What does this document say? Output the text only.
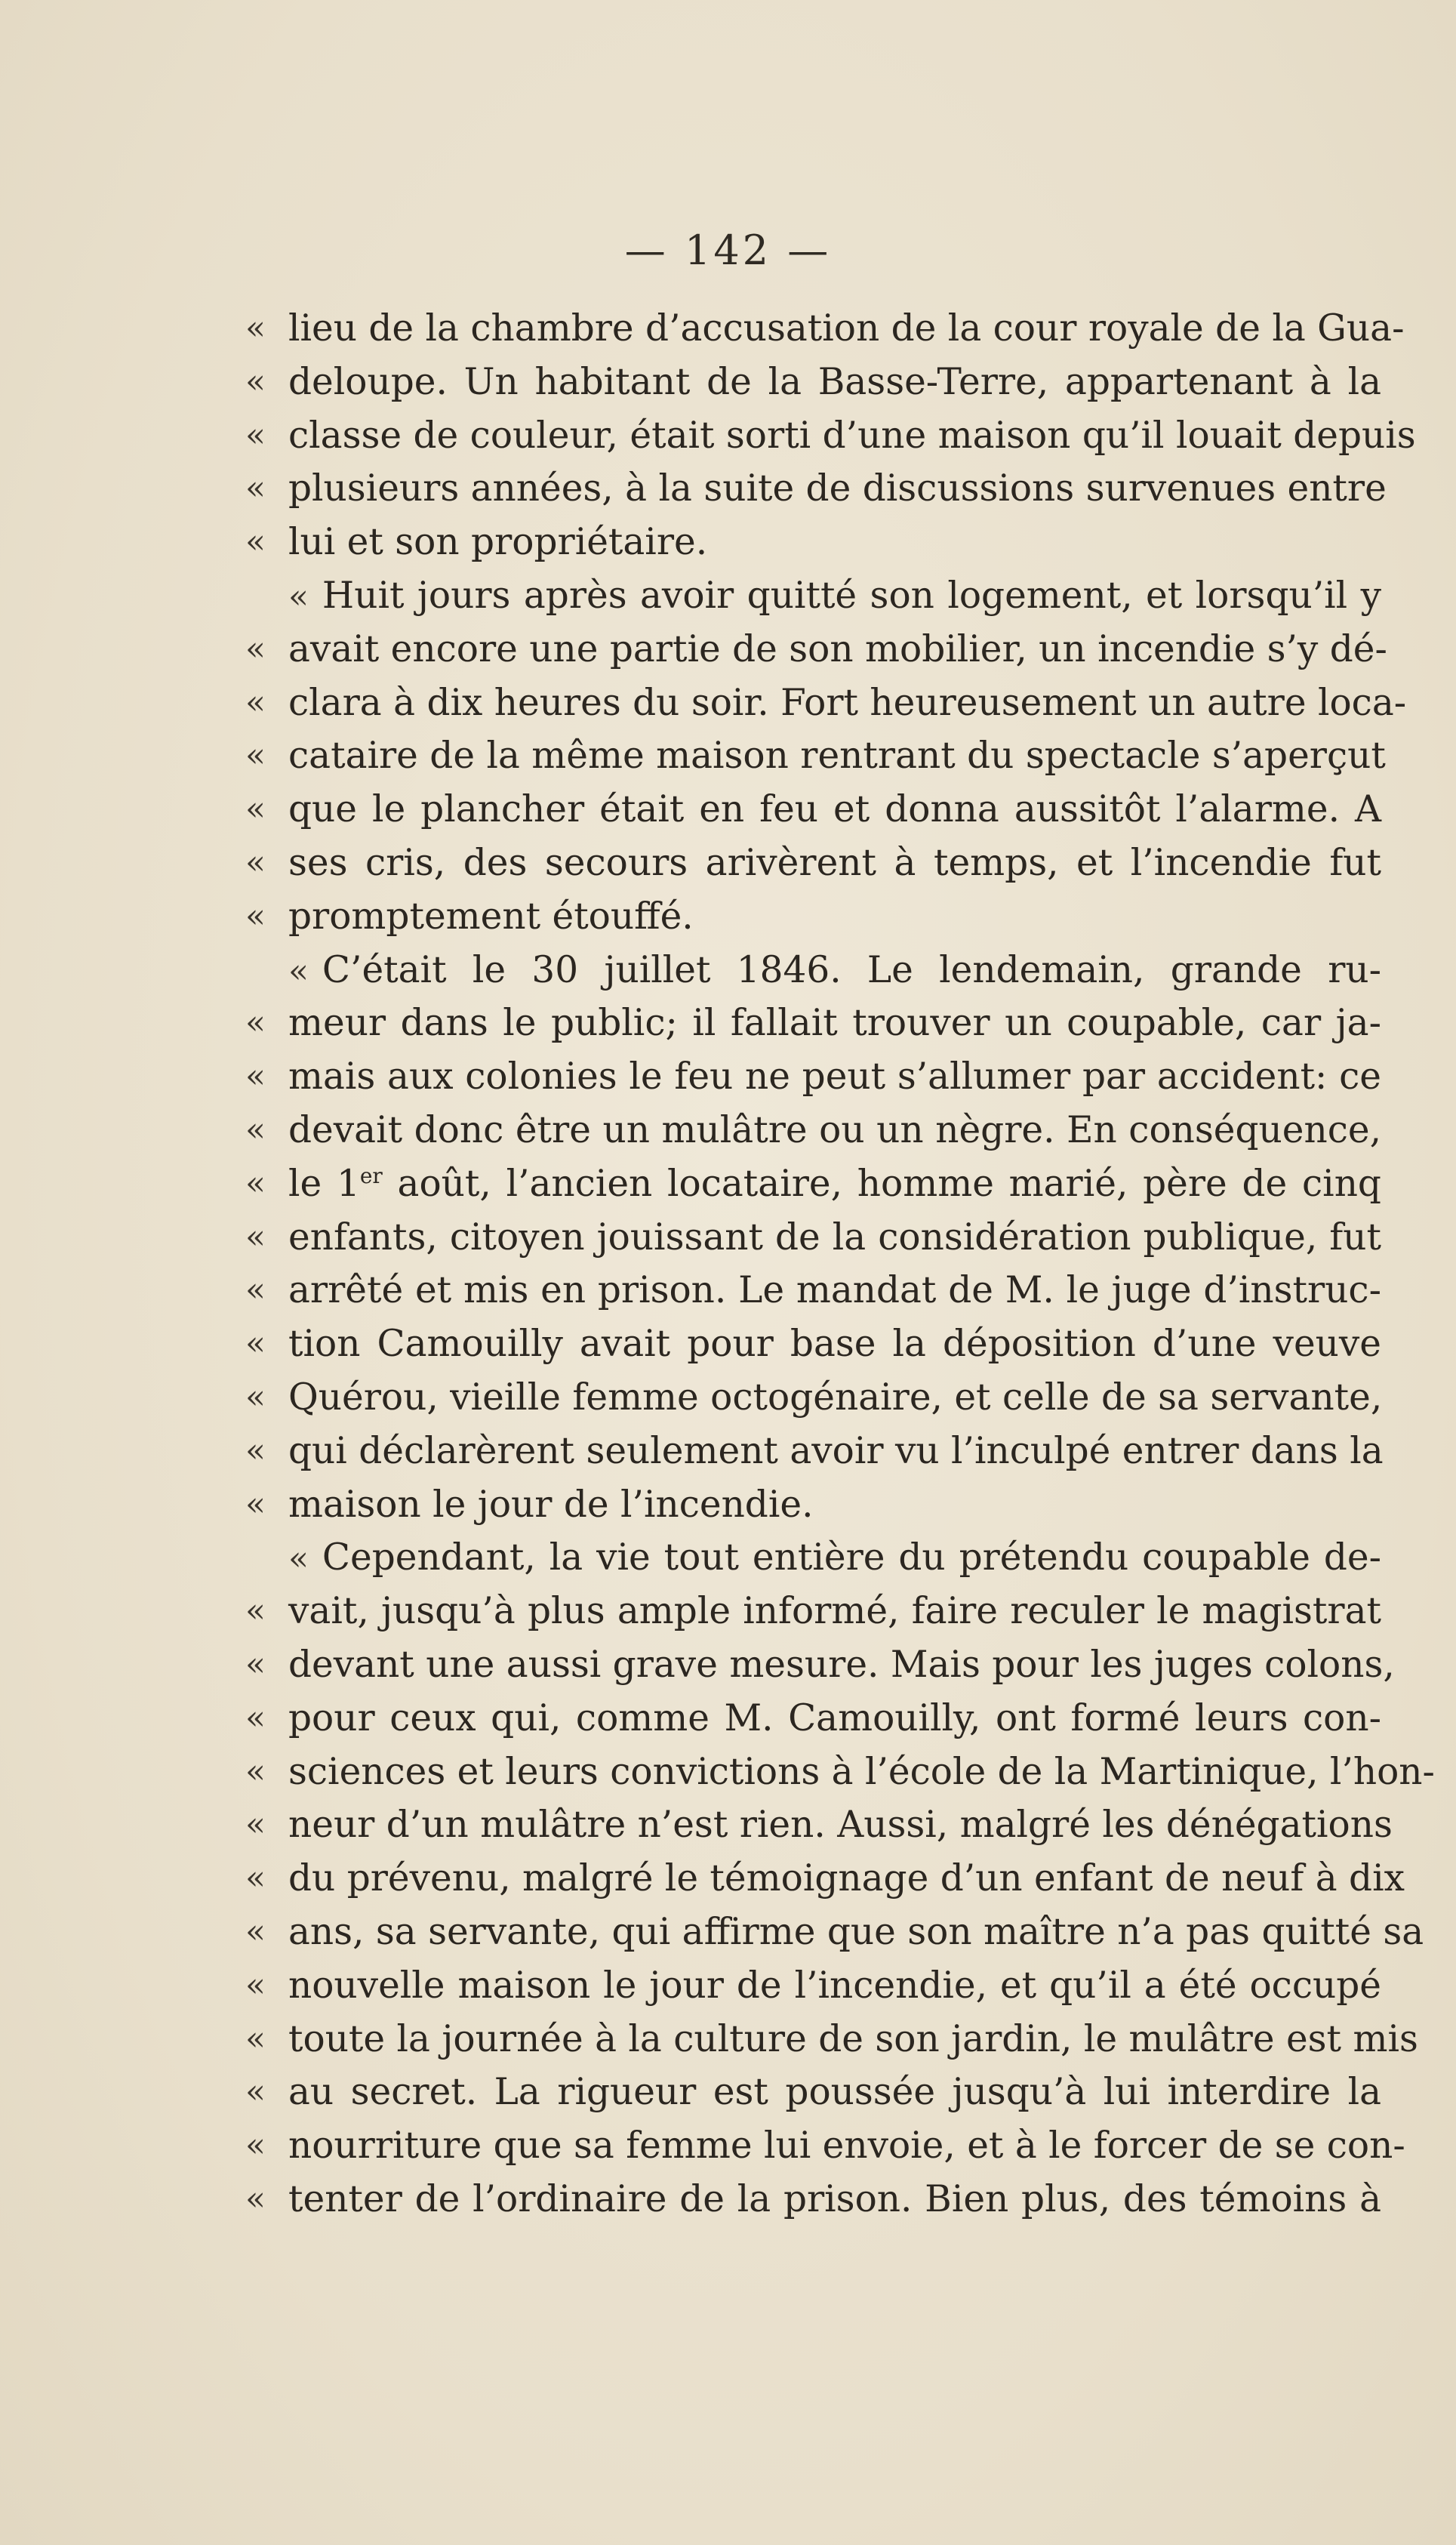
— 142 —
« lieu de la chambre d’accusation de la cour royale de la Gua-
« deloupe. Un habitant de la Basse-Terre, appartenant à la
« classe de couleur, était sorti d’une maison qu’il louait depuis
« plusieurs années, à la suite de discussions survenues entre
« lui et son propriétaire.
« Huit jours après avoir quitté son logement, et lorsqu’il y
« avait encore une partie de son mobilier, un incendie s’y dé-
« clara à dix heures du soir. Fort heureusement un autre loca-
« cataire de la même maison rentrant du spectacle s’aperçut
« que le plancher était en feu et donna aussitôt l’alarme. A
« ses cris, des secours arivèrent à temps, et l’incendie fut
« promptement étouffé.
« C’était le 30 juillet 1846. Le lendemain, grande ru-
« meur dans le public; il fallait trouver un coupable, car ja-
« mais aux colonies le feu ne peut s’allumer par accident: ce
« devait donc être un mulâtre ou un nègre. En conséquence,
« le 1er août, l’ancien locataire, homme marié, père de cinq
« enfants, citoyen jouissant de la considération publique, fut
« arrêté et mis en prison. Le mandat de M. le juge d’instruc-
« tion Camouilly avait pour base la déposition d’une veuve
« Quérou, vieille femme octogénaire, et celle de sa servante,
« qui déclarèrent seulement avoir vu l’inculpé entrer dans la
« maison le jour de l’incendie.
« Cependant, la vie tout entière du prétendu coupable de-
« vait, jusqu’à plus ample informé, faire reculer le magistrat
« devant une aussi grave mesure. Mais pour les juges colons,
« pour ceux qui, comme M. Camouilly, ont formé leurs con-
« sciences et leurs convictions à l’école de la Martinique, l’hon-
« neur d’un mulâtre n’est rien. Aussi, malgré les dénégations
« du prévenu, malgré le témoignage d’un enfant de neuf à dix
« ans, sa servante, qui affirme que son maître n’a pas quitté sa
« nouvelle maison le jour de l’incendie, et qu’il a été occupé
« toute la journée à la culture de son jardin, le mulâtre est mis
« au secret. La rigueur est poussée jusqu’à lui interdire la
« nourriture que sa femme lui envoie, et à le forcer de se con-
« tenter de l’ordinaire de la prison. Bien plus, des témoins à
